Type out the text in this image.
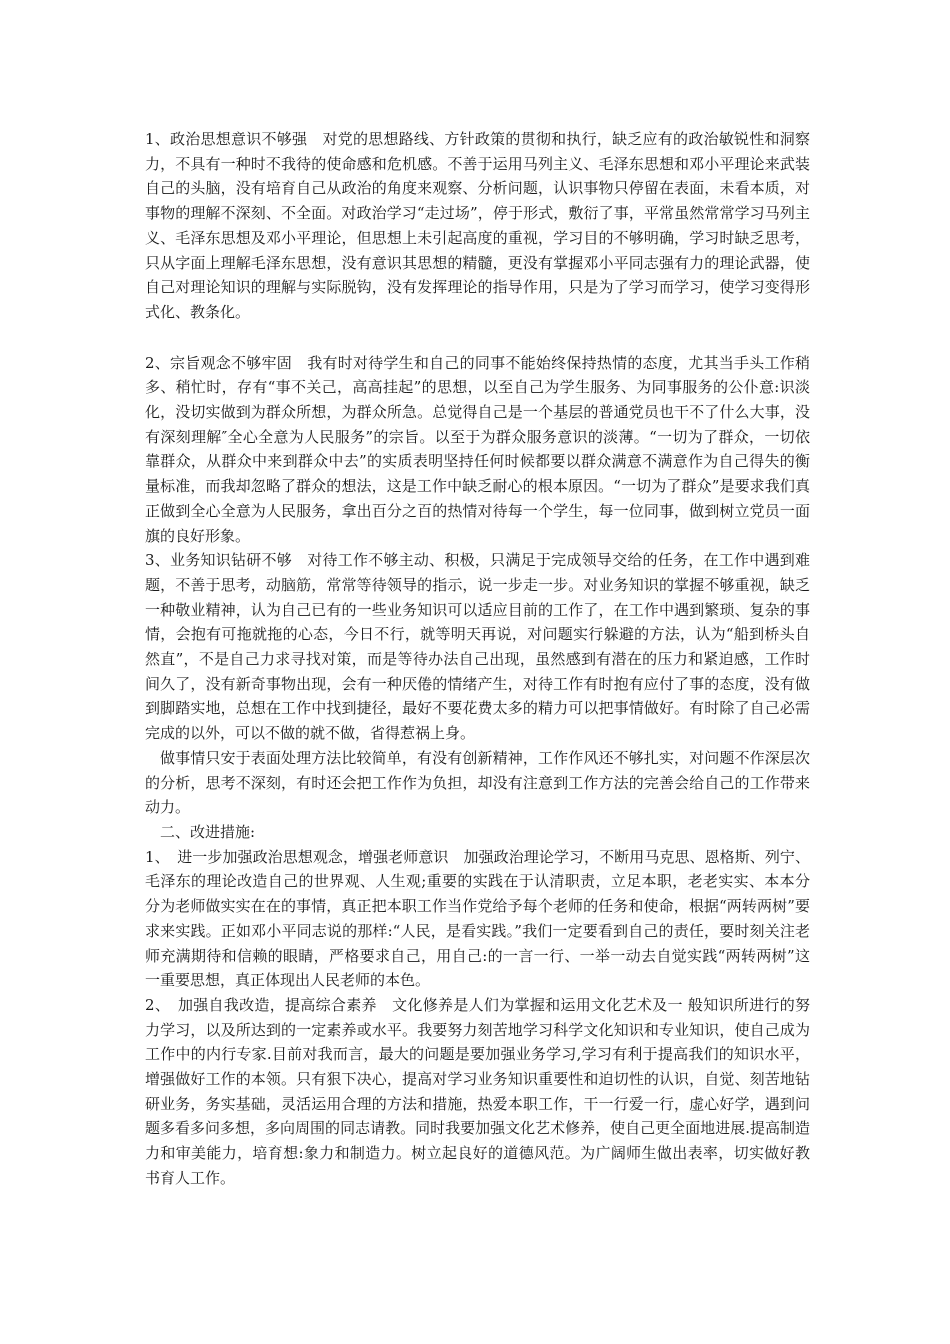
1、政治思想意识不够强　对党的思想路线、方针政策的贯彻和执行，缺乏应有的政治敏锐性和洞察力，不具有一种时不我待的使命感和危机感。不善于运用马列主义、毛泽东思想和邓小平理论来武装自己的头脑，没有培育自己从政治的角度来观察、分析问题，认识事物只停留在表面，未看本质，对事物的理解不深刻、不全面。对政治学习“走过场”，停于形式，敷衍了事，平常虽然常常学习马列主义、毛泽东思想及邓小平理论，但思想上未引起高度的重视，学习目的不够明确，学习时缺乏思考，只从字面上理解毛泽东思想，没有意识其思想的精髓，更没有掌握邓小平同志强有力的理论武器，使自己对理论知识的理解与实际脱钩，没有发挥理论的指导作用，只是为了学习而学习，使学习变得形式化、教条化。

2、宗旨观念不够牢固　我有时对待学生和自己的同事不能始终保持热情的态度，尤其当手头工作稍多、稍忙时，存有“事不关己，高高挂起”的思想，以至自己为学生服务、为同事服务的公仆意:识淡化，没切实做到为群众所想，为群众所急。总觉得自己是一个基层的普通党员也干不了什么大事，没有深刻理解″全心全意为人民服务”的宗旨。以至于为群众服务意识的淡薄。“一切为了群众，一切依靠群众，从群众中来到群众中去”的实质表明坚持任何时候都要以群众满意不满意作为自己得失的衡量标准，而我却忽略了群众的想法，这是工作中缺乏耐心的根本原因。“一切为了群众”是要求我们真正做到全心全意为人民服务，拿出百分之百的热情对待每一个学生，每一位同事，做到树立党员一面旗的良好形象。

3、业务知识钻研不够　对待工作不够主动、积极，只满足于完成领导交给的任务，在工作中遇到难题，不善于思考，动脑筋，常常等待领导的指示，说一步走一步。对业务知识的掌握不够重视，缺乏一种敬业精神，认为自己已有的一些业务知识可以适应目前的工作了，在工作中遇到繁琐、复杂的事情，会抱有可拖就拖的心态，今日不行，就等明天再说，对问题实行躲避的方法，认为“船到桥头自然直”，不是自己力求寻找对策，而是等待办法自己出现，虽然感到有潜在的压力和紧迫感，工作时间久了，没有新奇事物出现，会有一种厌倦的情绪产生，对待工作有时抱有应付了事的态度，没有做到脚踏实地，总想在工作中找到捷径，最好不要花费太多的精力可以把事情做好。有时除了自己必需完成的以外，可以不做的就不做，省得惹祸上身。

做事情只安于表面处理方法比较简单，有没有创新精神，工作作风还不够扎实，对问题不作深层次的分析，思考不深刻，有时还会把工作作为负担，却没有注意到工作方法的完善会给自己的工作带来动力。

二、改进措施:

1、　进一步加强政治思想观念，增强老师意识　加强政治理论学习，不断用马克思、恩格斯、列宁、毛泽东的理论改造自己的世界观、人生观;重要的实践在于认清职责，立足本职，老老实实、本本分分为老师做实实在在的事情，真正把本职工作当作党给予每个老师的任务和使命，根据“两转两树”要求来实践。正如邓小平同志说的那样:“人民，是看实践。”我们一定要看到自己的责任，要时刻关注老师充满期待和信赖的眼睛，严格要求自己，用自己:的一言一行、一举一动去自觉实践“两转两树”这一重要思想，真正体现出人民老师的本色。

2、　加强自我改造，提高综合素养　文化修养是人们为掌握和运用文化艺术及一 般知识所进行的努力学习，以及所达到的一定素养或水平。我要努力刻苦地学习科学文化知识和专业知识，使自己成为工作中的内行专家.目前对我而言，最大的问题是要加强业务学习,学习有利于提高我们的知识水平，增强做好工作的本领。只有狠下决心，提高对学习业务知识重要性和迫切性的认识，自觉、刻苦地钻研业务，务实基础，灵活运用合理的方法和措施，热爱本职工作，干一行爱一行，虚心好学，遇到问题多看多问多想，多向周围的同志请教。同时我要加强文化艺术修养，使自己更全面地进展.提高制造力和审美能力，培育想:象力和制造力。树立起良好的道德风范。为广阔师生做出表率，切实做好教书育人工作。
